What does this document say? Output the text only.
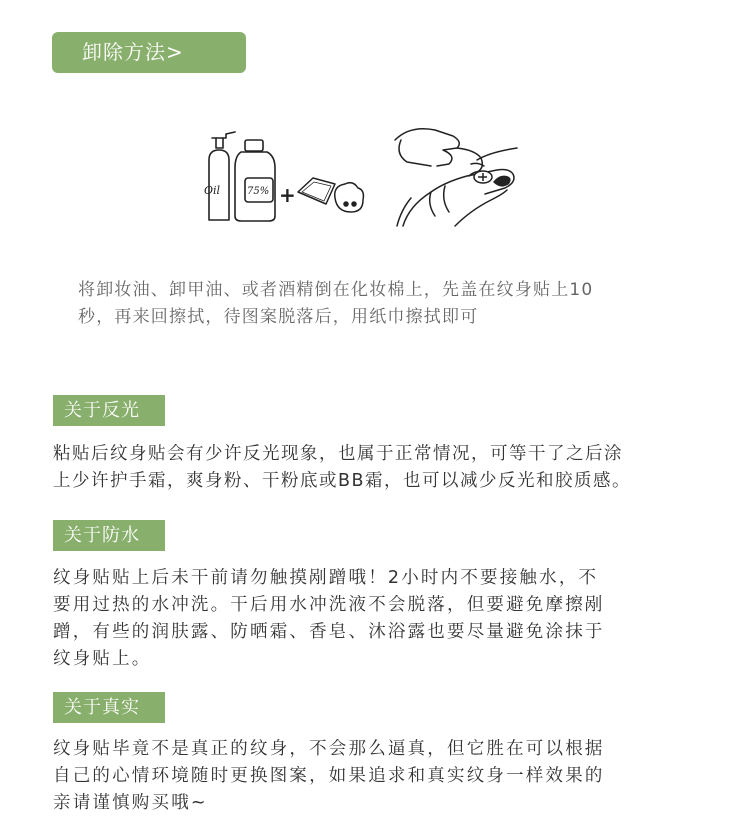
卸除方法>
Oil	75% +
将卸妆油、卸甲油、或者酒精倒在化妆棉上，先盖在纹身贴上10
秒，再来回擦拭，待图案脱落后，用纸巾擦拭即可
关于反光
粘贴后纹身贴会有少许反光现象，也属于正常情况，可等干了之后涂
上少许护手霜，爽身粉、干粉底或BB霜，也可以减少反光和胶质感。
关于防水
纹身贴贴上后未干前请勿触摸剐蹭哦！2小时内不要接触水，不
要用过热的水冲洗。干后用水冲洗液不会脱落，但要避免摩擦剐
蹭，有些的润肤露、防晒霜、香皂、沐浴露也要尽量避免涂抹于
纹身贴上。
关于真实
纹身贴毕竟不是真正的纹身，不会那么逼真，但它胜在可以根据
自己的心情环境随时更换图案，如果追求和真实纹身一样效果的
亲请谨慎购买哦~
